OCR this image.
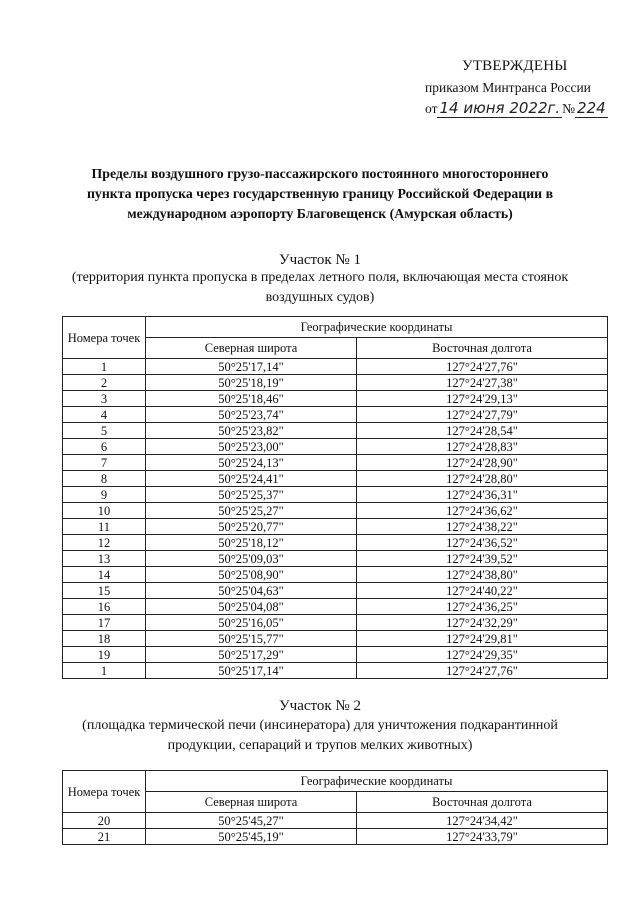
УТВЕРЖДЕНЫ
приказом Минтранса России
от 14 июня 2022г. № 224
Пределы воздушного грузо-пассажирского постоянного многостороннего пункта пропуска через государственную границу Российской Федерации в международном аэропорту Благовещенск (Амурская область)
Участок № 1
(территория пункта пропуска в пределах летного поля, включающая места стоянок воздушных судов)
Номера точек	Географические координаты	
	Северная широта	Восточная долгота
1	50°25'17,14"	127°24'27,76"
2	50°25'18,19"	127°24'27,38"
3	50°25'18,46"	127°24'29,13"
4	50°25'23,74"	127°24'27,79"
5	50°25'23,82"	127°24'28,54"
6	50°25'23,00"	127°24'28,83"
7	50°25'24,13"	127°24'28,90"
8	50°25'24,41"	127°24'28,80"
9	50°25'25,37"	127°24'36,31"
10	50°25'25,27"	127°24'36,62"
11	50°25'20,77"	127°24'38,22"
12	50°25'18,12"	127°24'36,52"
13	50°25'09,03"	127°24'39,52"
14	50°25'08,90"	127°24'38,80"
15	50°25'04,63"	127°24'40,22"
16	50°25'04,08"	127°24'36,25"
17	50°25'16,05"	127°24'32,29"
18	50°25'15,77"	127°24'29,81"
19	50°25'17,29"	127°24'29,35"
1	50°25'17,14"	127°24'27,76"
Участок № 2
(площадка термической печи (инсинератора) для уничтожения подкарантинной продукции, сепараций и трупов мелких животных)
Номера точек	Географические координаты	
	Северная широта	Восточная долгота
20	50°25'45,27"	127°24'34,42"
21	50°25'45,19"	127°24'33,79"
